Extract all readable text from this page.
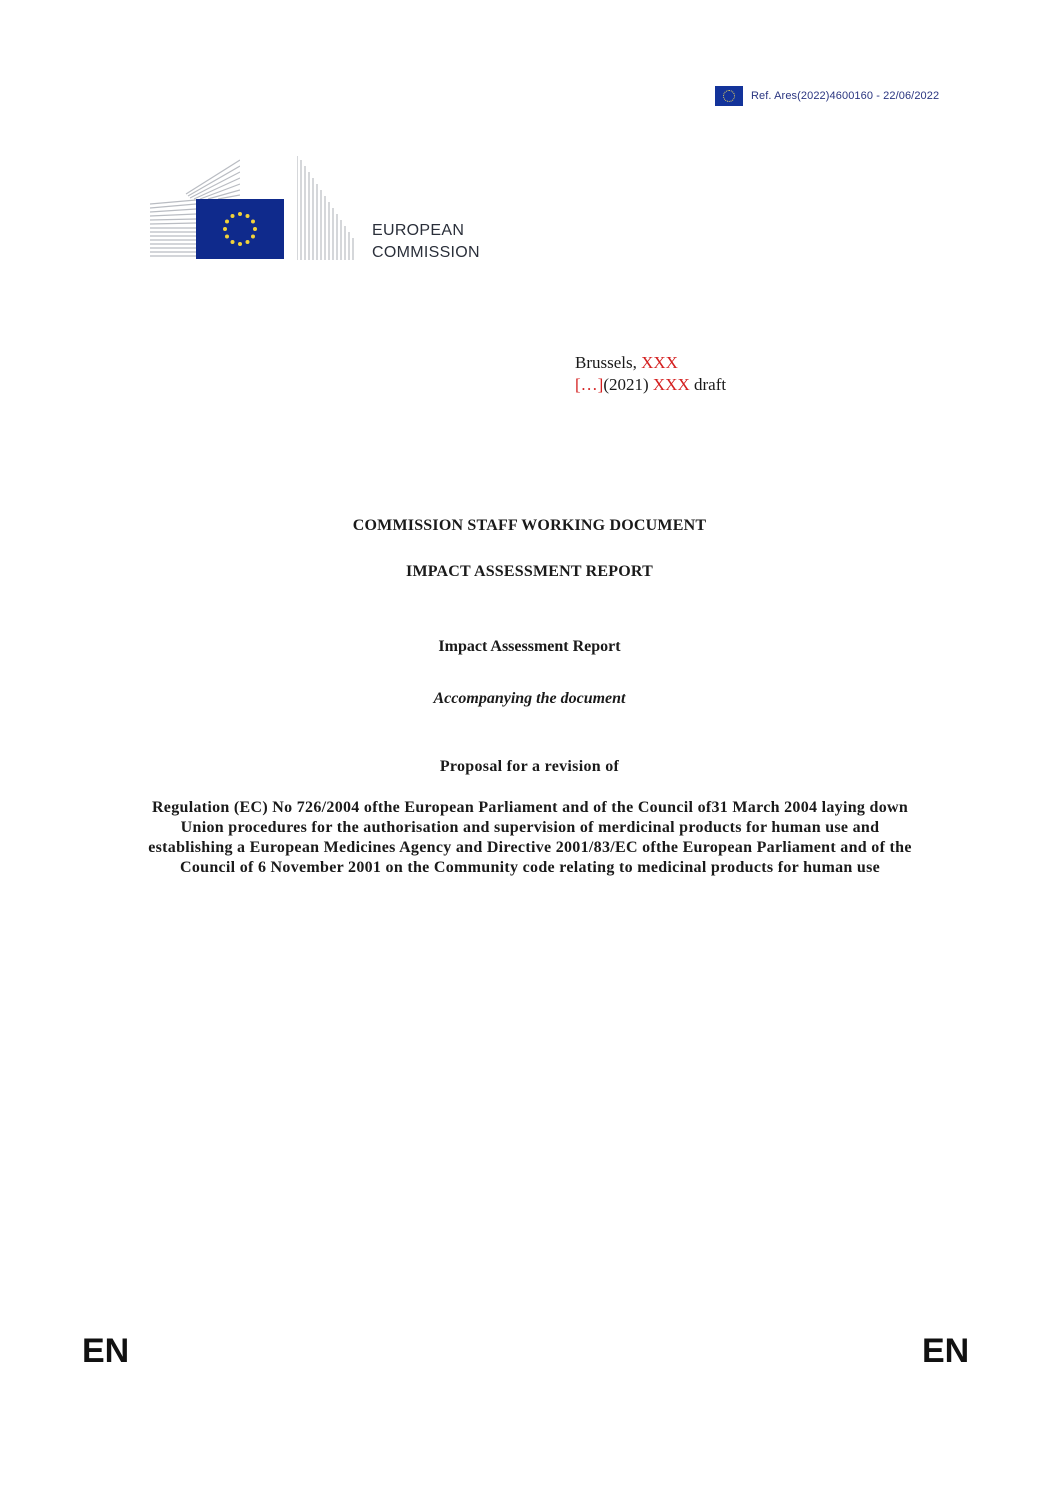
Ref. Ares(2022)4600160 - 22/06/2022
EUROPEAN
COMMISSION
Brussels, XXX
[…](2021) XXX draft
COMMISSION STAFF WORKING DOCUMENT
IMPACT ASSESSMENT REPORT
Impact Assessment Report
Accompanying the document
Proposal for a revision of
Regulation (EC) No 726/2004 ofthe European Parliament and of the Council of31 March 2004 laying down Union procedures for the authorisation and supervision of merdicinal products for human use and establishing a European Medicines Agency and Directive 2001/83/EC ofthe European Parliament and of the Council of 6 November 2001 on the Community code relating to medicinal products for human use
EN	EN
